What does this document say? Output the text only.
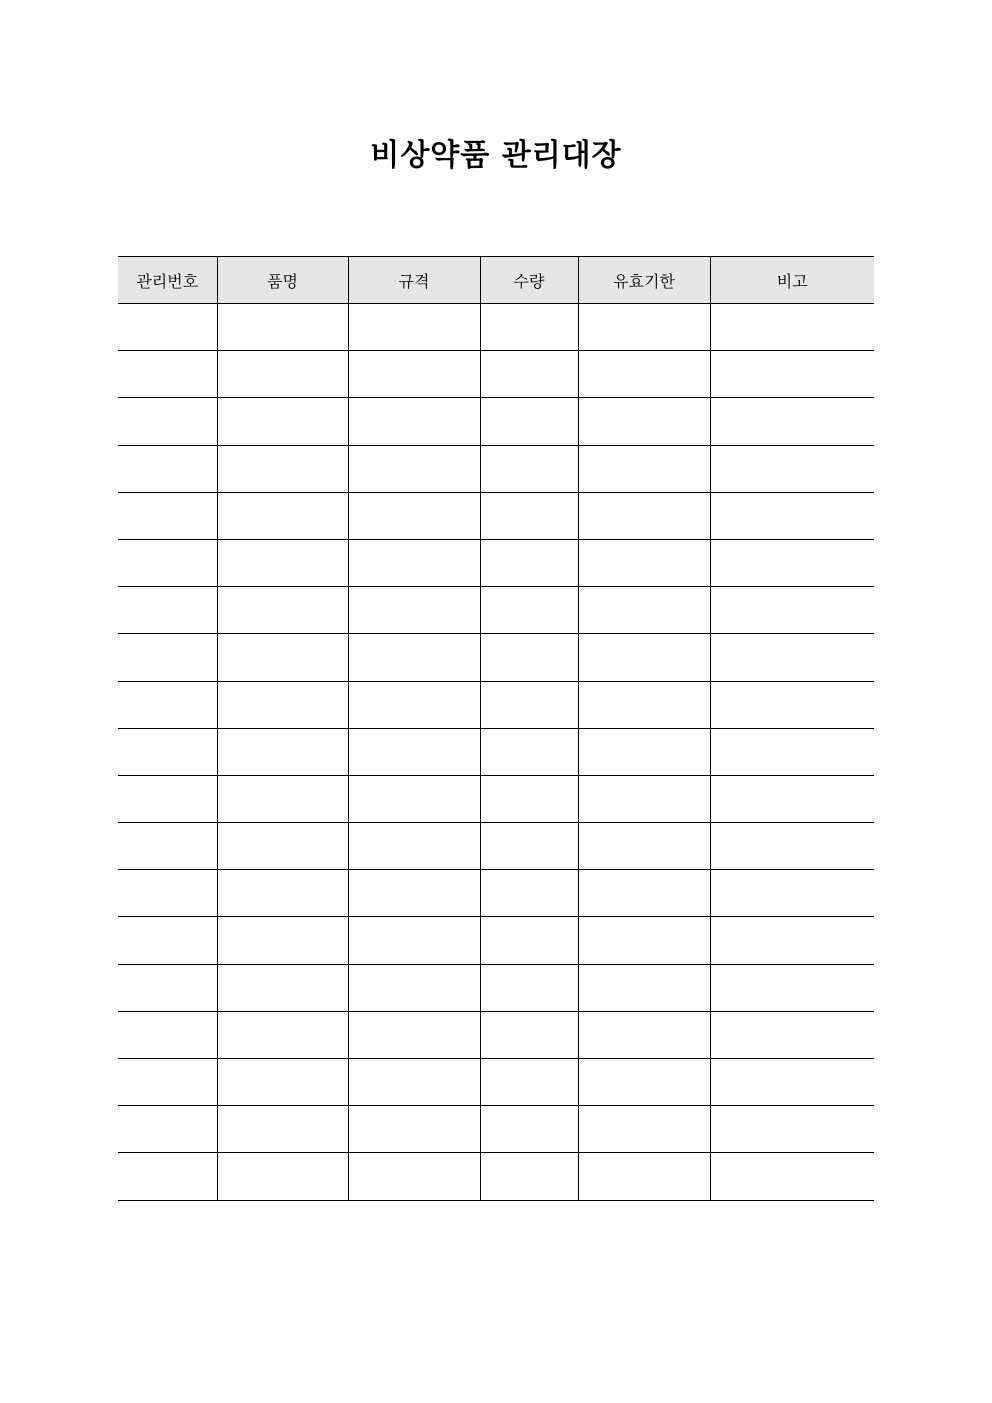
비상약품 관리대장
관리번호	품명	규격	수량	유효기한	비고
